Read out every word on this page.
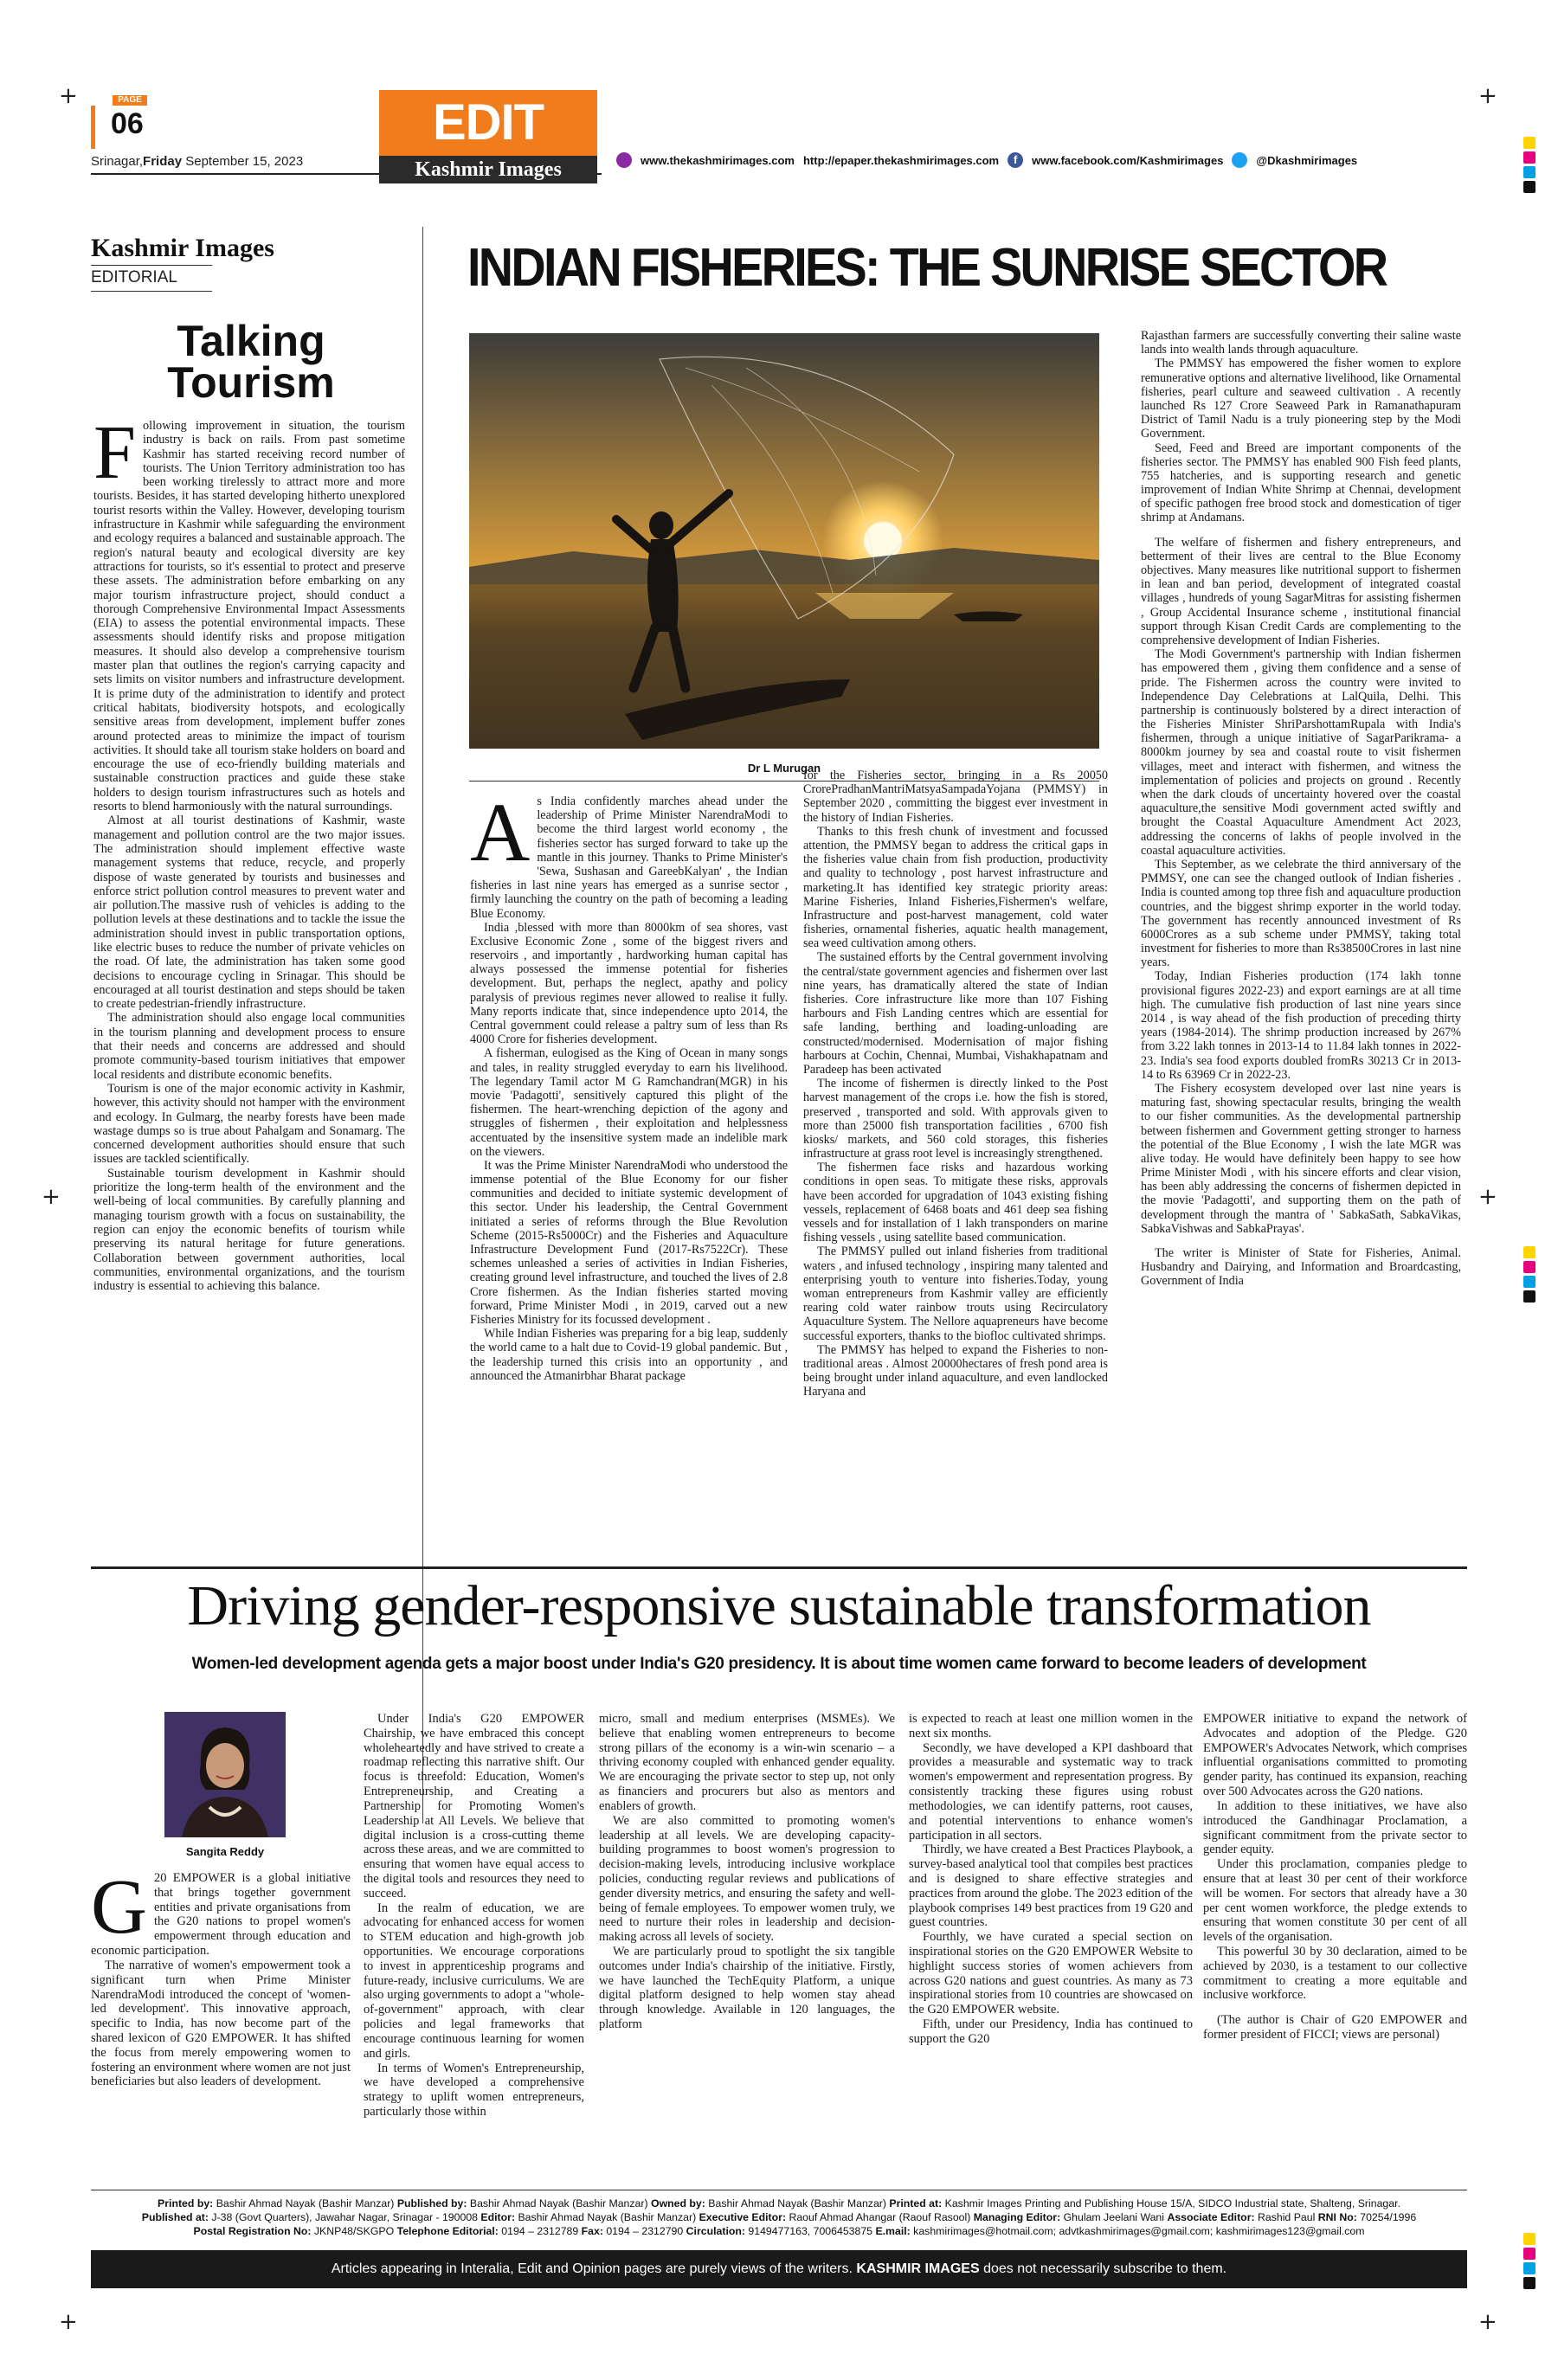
+	+
+	+
+	+
PAGE
06
Srinagar,Friday September 15, 2023
EDIT
Kashmir Images	www.thekashmirimages.com http://epaper.thekashmirimages.com	f	www.facebook.com/Kashmirimages	@Dkashmirimages
Kashmir Images
EDITORIAL
Talking
Tourism
F ollowing improvement in situation, the tourism industry is back on rails. From past sometime Kashmir has started receiving record number of tourists. The Union Territory administration too has been working tirelessly to attract more and more tourists. Besides, it has started developing hitherto unexplored tourist resorts within the Valley. However, developing tourism infrastructure in Kashmir while safeguarding the environment and ecology requires a balanced and sustainable approach. The region's natural beauty and ecological diversity are key attractions for tourists, so it's essential to protect and preserve these assets. The administration before embarking on any major tourism infrastructure project, should conduct a thorough Comprehensive Environmental Impact Assessments (EIA) to assess the potential environmental impacts. These assessments should identify risks and propose mitigation measures. It should also develop a comprehensive tourism master plan that outlines the region's carrying capacity and sets limits on visitor numbers and infrastructure development. It is prime duty of the administration to identify and protect critical habitats, biodiversity hotspots, and ecologically sensitive areas from development, implement buffer zones around protected areas to minimize the impact of tourism activities. It should take all tourism stake holders on board and encourage the use of eco-friendly building materials and sustainable construction practices and guide these stake holders to design tourism infrastructures such as hotels and resorts to blend harmoniously with the natural surroundings.

Almost at all tourist destinations of Kashmir, waste management and pollution control are the two major issues. The administration should implement effective waste management systems that reduce, recycle, and properly dispose of waste generated by tourists and businesses and enforce strict pollution control measures to prevent water and air pollution.The massive rush of vehicles is adding to the pollution levels at these destinations and to tackle the issue the administration should invest in public transportation options, like electric buses to reduce the number of private vehicles on the road. Of late, the administration has taken some good decisions to encourage cycling in Srinagar. This should be encouraged at all tourist destination and steps should be taken to create pedestrian-friendly infrastructure.

The administration should also engage local communities in the tourism planning and development process to ensure that their needs and concerns are addressed and should promote community-based tourism initiatives that empower local residents and distribute economic benefits.

Tourism is one of the major economic activity in Kashmir, however, this activity should not hamper with the environment and ecology. In Gulmarg, the nearby forests have been made wastage dumps so is true about Pahalgam and Sonamarg. The concerned development authorities should ensure that such issues are tackled scientifically.

Sustainable tourism development in Kashmir should prioritize the long-term health of the environment and the well-being of local communities. By carefully planning and managing tourism growth with a focus on sustainability, the region can enjoy the economic benefits of tourism while preserving its natural heritage for future generations. Collaboration between government authorities, local communities, environmental organizations, and the tourism industry is essential to achieving this balance.

INDIAN FISHERIES: THE SUNRISE SECTOR
Dr L Murugan
A s India confidently marches ahead under the leadership of Prime Minister NarendraModi to become the third largest world economy , the fisheries sector has surged forward to take up the mantle in this journey. Thanks to Prime Minister's 'Sewa, Sushasan and GareebKalyan' , the Indian fisheries in last nine years has emerged as a sunrise sector , firmly launching the country on the path of becoming a leading Blue Economy.

India ,blessed with more than 8000km of sea shores, vast Exclusive Economic Zone , some of the biggest rivers and reservoirs , and importantly , hardworking human capital has always possessed the immense potential for fisheries development. But, perhaps the neglect, apathy and policy paralysis of previous regimes never allowed to realise it fully. Many reports indicate that, since independence upto 2014, the Central government could release a paltry sum of less than Rs 4000 Crore for fisheries development.

A fisherman, eulogised as the King of Ocean in many songs and tales, in reality struggled everyday to earn his livelihood. The legendary Tamil actor M G Ramchandran(MGR) in his movie 'Padagotti', sensitively captured this plight of the fishermen. The heart-wrenching depiction of the agony and struggles of fishermen , their exploitation and helplessness accentuated by the insensitive system made an indelible mark on the viewers.

It was the Prime Minister NarendraModi who understood the immense potential of the Blue Economy for our fisher communities and decided to initiate systemic development of this sector. Under his leadership, the Central Government initiated a series of reforms through the Blue Revolution Scheme (2015-Rs5000Cr) and the Fisheries and Aquaculture Infrastructure Development Fund (2017-Rs7522Cr). These schemes unleashed a series of activities in Indian Fisheries, creating ground level infrastructure, and touched the lives of 2.8 Crore fishermen. As the Indian fisheries started moving forward, Prime Minister Modi , in 2019, carved out a new Fisheries Ministry for its focussed development .

While Indian Fisheries was preparing for a big leap, suddenly the world came to a halt due to Covid-19 global pandemic. But , the leadership turned this crisis into an opportunity , and announced the Atmanirbhar Bharat package

for the Fisheries sector, bringing in a Rs 20050 CrorePradhanMantriMatsyaSampadaYojana (PMMSY) in September 2020 , committing the biggest ever investment in the history of Indian Fisheries.

Thanks to this fresh chunk of investment and focussed attention, the PMMSY began to address the critical gaps in the fisheries value chain from fish production, productivity and quality to technology , post harvest infrastructure and marketing.It has identified key strategic priority areas: Marine Fisheries, Inland Fisheries,Fishermen's welfare, Infrastructure and post-harvest management, cold water fisheries, ornamental fisheries, aquatic health management, sea weed cultivation among others.

The sustained efforts by the Central government involving the central/state government agencies and fishermen over last nine years, has dramatically altered the state of Indian fisheries. Core infrastructure like more than 107 Fishing harbours and Fish Landing centres which are essential for safe landing, berthing and loading-unloading are constructed/modernised. Modernisation of major fishing harbours at Cochin, Chennai, Mumbai, Vishakhapatnam and Paradeep has been activated

The income of fishermen is directly linked to the Post harvest management of the crops i.e. how the fish is stored, preserved , transported and sold. With approvals given to more than 25000 fish transportation facilities , 6700 fish kiosks/ markets, and 560 cold storages, this fisheries infrastructure at grass root level is increasingly strengthened.

The fishermen face risks and hazardous working conditions in open seas. To mitigate these risks, approvals have been accorded for upgradation of 1043 existing fishing vessels, replacement of 6468 boats and 461 deep sea fishing vessels and for installation of 1 lakh transponders on marine fishing vessels , using satellite based communication.

The PMMSY pulled out inland fisheries from traditional waters , and infused technology , inspiring many talented and enterprising youth to venture into fisheries.Today, young woman entrepreneurs from Kashmir valley are efficiently rearing cold water rainbow trouts using Recirculatory Aquaculture System. The Nellore aquapreneurs have become successful exporters, thanks to the biofloc cultivated shrimps.

The PMMSY has helped to expand the Fisheries to non-traditional areas . Almost 20000hectares of fresh pond area is being brought under inland aquaculture, and even landlocked Haryana and

Rajasthan farmers are successfully converting their saline waste lands into wealth lands through aquaculture.

The PMMSY has empowered the fisher women to explore remunerative options and alternative livelihood, like Ornamental fisheries, pearl culture and seaweed cultivation . A recently launched Rs 127 Crore Seaweed Park in Ramanathapuram District of Tamil Nadu is a truly pioneering step by the Modi Government.

Seed, Feed and Breed are important components of the fisheries sector. The PMMSY has enabled 900 Fish feed plants, 755 hatcheries, and is supporting research and genetic improvement of Indian White Shrimp at Chennai, development of specific pathogen free brood stock and domestication of tiger shrimp at Andamans.

The welfare of fishermen and fishery entrepreneurs, and betterment of their lives are central to the Blue Economy objectives. Many measures like nutritional support to fishermen in lean and ban period, development of integrated coastal villages , hundreds of young SagarMitras for assisting fishermen , Group Accidental Insurance scheme , institutional financial support through Kisan Credit Cards are complementing to the comprehensive development of Indian Fisheries.

The Modi Government's partnership with Indian fishermen has empowered them , giving them confidence and a sense of pride. The Fishermen across the country were invited to Independence Day Celebrations at LalQuila, Delhi. This partnership is continuously bolstered by a direct interaction of the Fisheries Minister ShriParshottamRupala with India's fishermen, through a unique initiative of SagarParikrama- a 8000km journey by sea and coastal route to visit fishermen villages, meet and interact with fishermen, and witness the implementation of policies and projects on ground . Recently when the dark clouds of uncertainty hovered over the coastal aquaculture,the sensitive Modi government acted swiftly and brought the Coastal Aquaculture Amendment Act 2023, addressing the concerns of lakhs of people involved in the coastal aquaculture activities.

This September, as we celebrate the third anniversary of the PMMSY, one can see the changed outlook of Indian fisheries . India is counted among top three fish and aquaculture production countries, and the biggest shrimp exporter in the world today. The government has recently announced investment of Rs 6000Crores as a sub scheme under PMMSY, taking total investment for fisheries to more than Rs38500Crores in last nine years.

Today, Indian Fisheries production (174 lakh tonne provisional figures 2022-23) and export earnings are at all time high. The cumulative fish production of last nine years since 2014 , is way ahead of the fish production of preceding thirty years (1984-2014). The shrimp production increased by 267% from 3.22 lakh tonnes in 2013-14 to 11.84 lakh tonnes in 2022-23. India's sea food exports doubled fromRs 30213 Cr in 2013-14 to Rs 63969 Cr in 2022-23.

The Fishery ecosystem developed over last nine years is maturing fast, showing spectacular results, bringing the wealth to our fisher communities. As the developmental partnership between fishermen and Government getting stronger to harness the potential of the Blue Economy , I wish the late MGR was alive today. He would have definitely been happy to see how Prime Minister Modi , with his sincere efforts and clear vision, has been ably addressing the concerns of fishermen depicted in the movie 'Padagotti', and supporting them on the path of development through the mantra of ' SabkaSath, SabkaVikas, SabkaVishwas and SabkaPrayas'.

The writer is Minister of State for Fisheries, Animal. Husbandry and Dairying, and Information and Broardcasting, Government of India

Driving gender-responsive sustainable transformation
Women-led development agenda gets a major boost under India's G20 presidency. It is about time women came forward to become leaders of development
Sangita Reddy
G 20 EMPOWER is a global initiative that brings together government entities and private organisations from the G20 nations to propel women's empowerment through education and economic participation.

The narrative of women's empowerment took a significant turn when Prime Minister NarendraModi introduced the concept of 'women-led development'. This innovative approach, specific to India, has now become part of the shared lexicon of G20 EMPOWER. It has shifted the focus from merely empowering women to fostering an environment where women are not just beneficiaries but also leaders of development.

Under India's G20 EMPOWER Chairship, we have embraced this concept wholeheartedly and have strived to create a roadmap reflecting this narrative shift. Our focus is threefold: Education, Women's Entrepreneurship, and Creating a Partnership for Promoting Women's Leadership at All Levels. We believe that digital inclusion is a cross-cutting theme across these areas, and we are committed to ensuring that women have equal access to the digital tools and resources they need to succeed.

In the realm of education, we are advocating for enhanced access for women to STEM education and high-growth job opportunities. We encourage corporations to invest in apprenticeship programs and future-ready, inclusive curriculums. We are also urging governments to adopt a "whole-of-government" approach, with clear policies and legal frameworks that encourage continuous learning for women and girls.

In terms of Women's Entrepreneurship, we have developed a comprehensive strategy to uplift women entrepreneurs, particularly those within

micro, small and medium enterprises (MSMEs). We believe that enabling women entrepreneurs to become strong pillars of the economy is a win-win scenario – a thriving economy coupled with enhanced gender equality. We are encouraging the private sector to step up, not only as financiers and procurers but also as mentors and enablers of growth.

We are also committed to promoting women's leadership at all levels. We are developing capacity-building programmes to boost women's progression to decision-making levels, introducing inclusive workplace policies, conducting regular reviews and publications of gender diversity metrics, and ensuring the safety and well-being of female employees. To empower women truly, we need to nurture their roles in leadership and decision-making across all levels of society.

We are particularly proud to spotlight the six tangible outcomes under India's chairship of the initiative. Firstly, we have launched the TechEquity Platform, a unique digital platform designed to help women stay ahead through knowledge. Available in 120 languages, the platform

is expected to reach at least one million women in the next six months.

Secondly, we have developed a KPI dashboard that provides a measurable and systematic way to track women's empowerment and representation progress. By consistently tracking these figures using robust methodologies, we can identify patterns, root causes, and potential interventions to enhance women's participation in all sectors.

Thirdly, we have created a Best Practices Playbook, a survey-based analytical tool that compiles best practices and is designed to share effective strategies and practices from around the globe. The 2023 edition of the playbook comprises 149 best practices from 19 G20 and guest countries.

Fourthly, we have curated a special section on inspirational stories on the G20 EMPOWER Website to highlight success stories of women achievers from across G20 nations and guest countries. As many as 73 inspirational stories from 10 countries are showcased on the G20 EMPOWER website.

Fifth, under our Presidency, India has continued to support the G20

EMPOWER initiative to expand the network of Advocates and adoption of the Pledge. G20 EMPOWER's Advocates Network, which comprises influential organisations committed to promoting gender parity, has continued its expansion, reaching over 500 Advocates across the G20 nations.

In addition to these initiatives, we have also introduced the Gandhinagar Proclamation, a significant commitment from the private sector to gender equity.

Under this proclamation, companies pledge to ensure that at least 30 per cent of their workforce will be women. For sectors that already have a 30 per cent women workforce, the pledge extends to ensuring that women constitute 30 per cent of all levels of the organisation.

This powerful 30 by 30 declaration, aimed to be achieved by 2030, is a testament to our collective commitment to creating a more equitable and inclusive workforce.

(The author is Chair of G20 EMPOWER and former president of FICCI; views are personal)

Printed by: Bashir Ahmad Nayak (Bashir Manzar) Published by: Bashir Ahmad Nayak (Bashir Manzar) Owned by: Bashir Ahmad Nayak (Bashir Manzar) Printed at: Kashmir Images Printing and Publishing House 15/A, SIDCO Industrial state, Shalteng, Srinagar.
Published at: J-38 (Govt Quarters), Jawahar Nagar, Srinagar - 190008 Editor: Bashir Ahmad Nayak (Bashir Manzar) Executive Editor: Raouf Ahmad Ahangar (Raouf Rasool) Managing Editor: Ghulam Jeelani Wani Associate Editor: Rashid Paul RNI No: 70254/1996
Postal Registration No: JKNP48/SKGPO Telephone Editorial: 0194 – 2312789 Fax: 0194 – 2312790 Circulation: 9149477163, 7006453875 E.mail: kashmirimages@hotmail.com; advtkashmirimages@gmail.com; kashmirimages123@gmail.com
Articles appearing in Interalia, Edit and Opinion pages are purely views of the writers. KASHMIR IMAGES does not necessarily subscribe to them.
